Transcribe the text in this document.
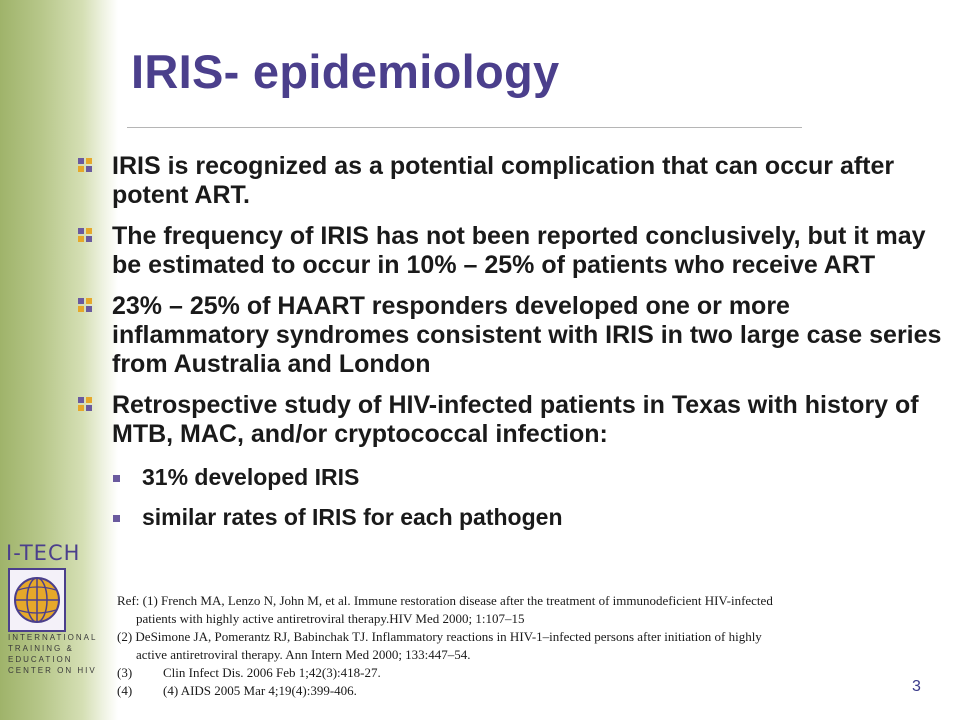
IRIS- epidemiology
IRIS is recognized as a potential complication that can occur after potent ART.
The frequency of IRIS has not been reported conclusively, but it may be estimated to occur in 10% – 25% of patients who receive ART
23% – 25% of HAART responders developed one or more inflammatory syndromes consistent with IRIS in two large case series from Australia and London
Retrospective study of HIV-infected patients in Texas with history of MTB, MAC, and/or cryptococcal infection:
31% developed IRIS
similar rates of IRIS for each pathogen
I-TECH
INTERNATIONAL
TRAINING &
EDUCATION
CENTER ON HIV

Ref: (1) French MA, Lenzo N, John M, et al. Immune restoration disease after the treatment of immunodeficient HIV-infected

patients with highly active antiretroviral therapy.HIV Med 2000; 1:107–15

(2) DeSimone JA, Pomerantz RJ, Babinchak TJ. Inflammatory reactions in HIV-1–infected persons after initiation of highly

active antiretroviral therapy. Ann Intern Med 2000; 133:447–54.

(3) Clin Infect Dis. 2006 Feb 1;42(3):418-27.

(4) (4) AIDS 2005 Mar 4;19(4):399-406.	3
